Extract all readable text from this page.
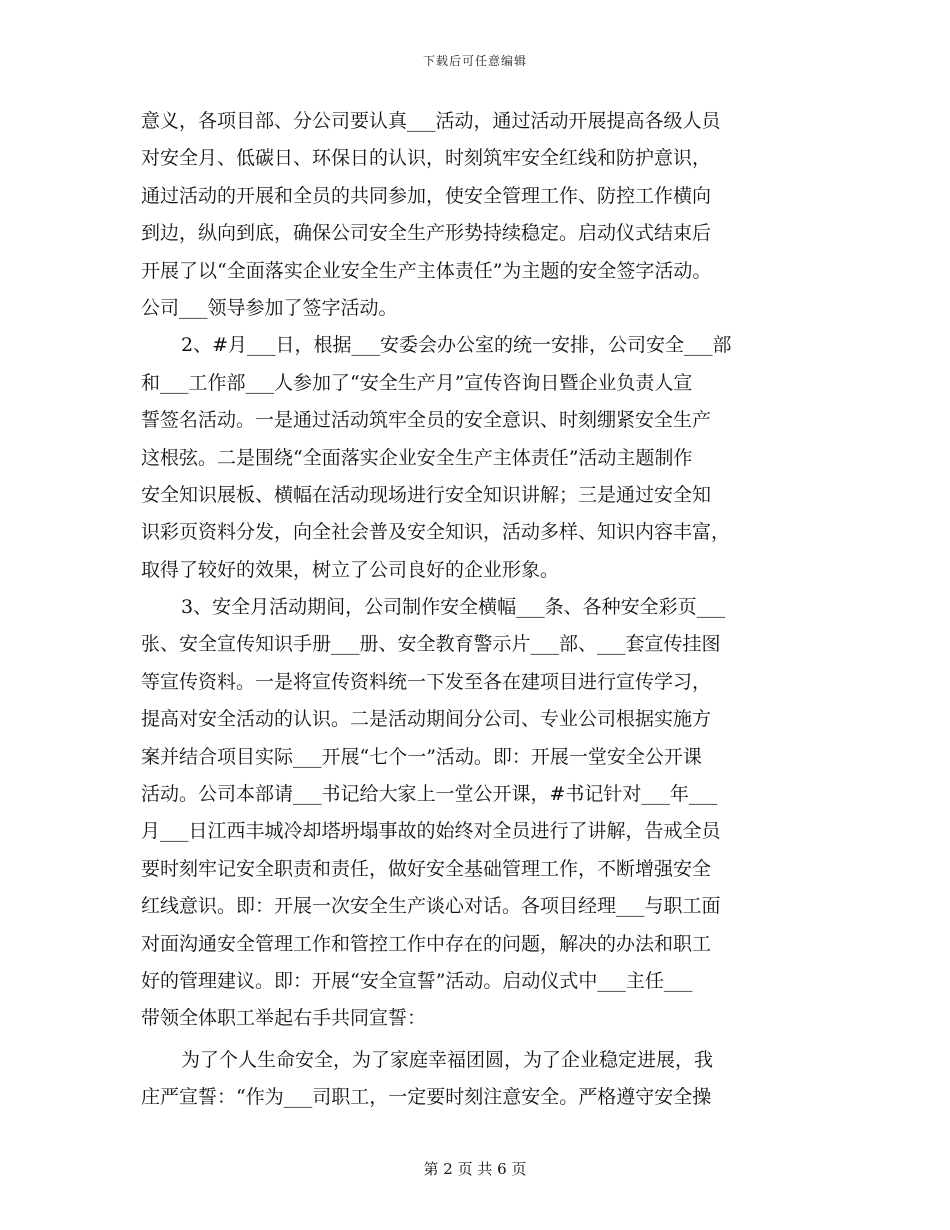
下载后可任意编辑
意义，各项目部、分公司要认真___活动，通过活动开展提高各级人员
对安全月、低碳日、环保日的认识，时刻筑牢安全红线和防护意识，
通过活动的开展和全员的共同参加，使安全管理工作、防控工作横向
到边，纵向到底，确保公司安全生产形势持续稳定。启动仪式结束后
开展了以“全面落实企业安全生产主体责任”为主题的安全签字活动。
公司___领导参加了签字活动。
2、#月___日，根据___安委会办公室的统一安排，公司安全___部
和___工作部___人参加了“安全生产月”宣传咨询日暨企业负责人宣
誓签名活动。一是通过活动筑牢全员的安全意识、时刻绷紧安全生产
这根弦。二是围绕“全面落实企业安全生产主体责任”活动主题制作
安全知识展板、横幅在活动现场进行安全知识讲解；三是通过安全知
识彩页资料分发，向全社会普及安全知识，活动多样、知识内容丰富，
取得了较好的效果，树立了公司良好的企业形象。
3、安全月活动期间，公司制作安全横幅___条、各种安全彩页___
张、安全宣传知识手册___册、安全教育警示片___部、___套宣传挂图
等宣传资料。一是将宣传资料统一下发至各在建项目进行宣传学习，
提高对安全活动的认识。二是活动期间分公司、专业公司根据实施方
案并结合项目实际___开展“七个一”活动。即：开展一堂安全公开课
活动。公司本部请___书记给大家上一堂公开课，#书记针对___年___
月___日江西丰城冷却塔坍塌事故的始终对全员进行了讲解，告戒全员
要时刻牢记安全职责和责任，做好安全基础管理工作，不断增强安全
红线意识。即：开展一次安全生产谈心对话。各项目经理___与职工面
对面沟通安全管理工作和管控工作中存在的问题，解决的办法和职工
好的管理建议。即：开展“安全宣誓”活动。启动仪式中___主任___
带领全体职工举起右手共同宣誓：
为了个人生命安全，为了家庭幸福团圆，为了企业稳定进展，我
庄严宣誓：“作为___司职工，一定要时刻注意安全。严格遵守安全操
第 2 页 共 6 页
